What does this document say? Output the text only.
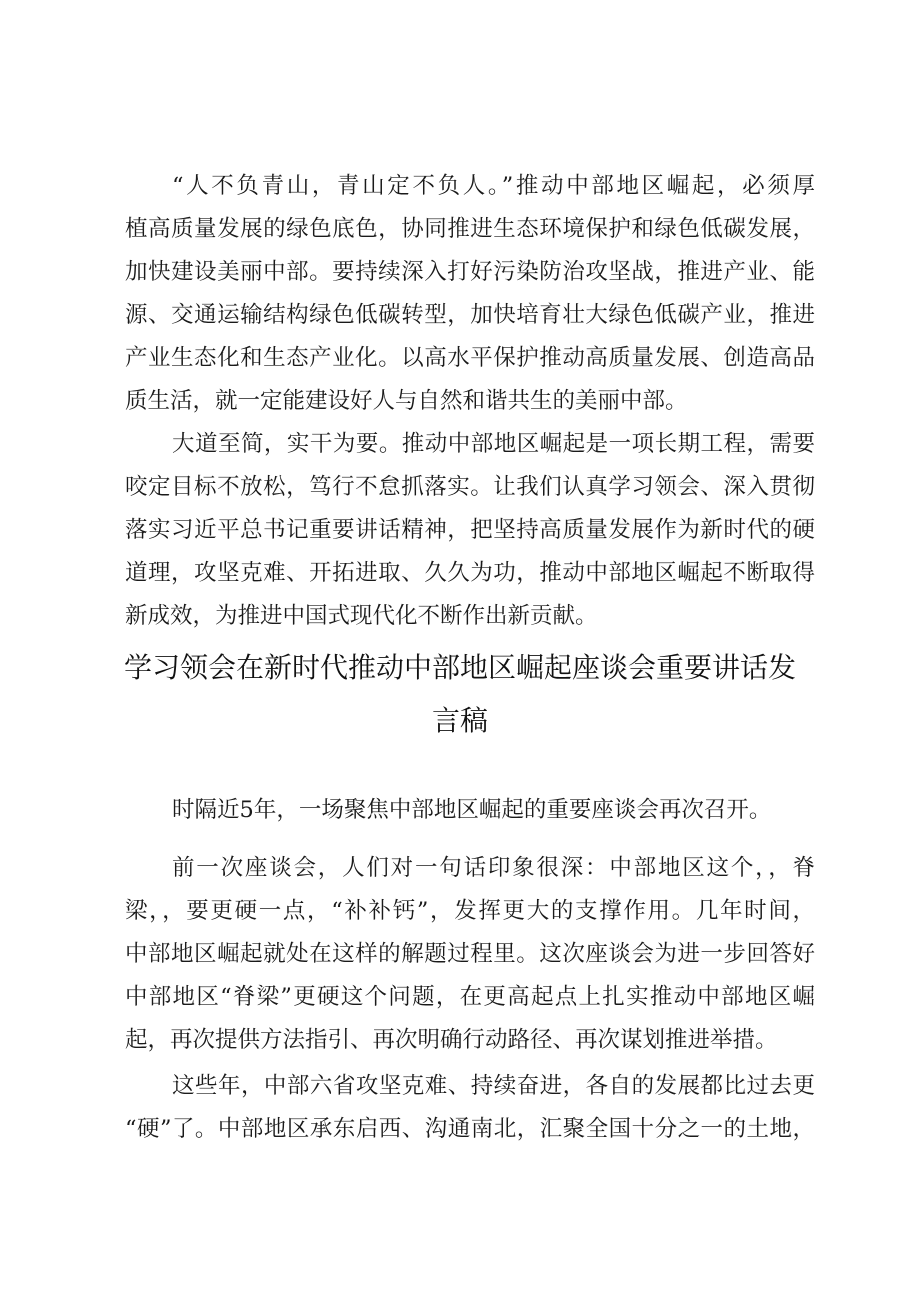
“人不负青山，青山定不负人。”推动中部地区崛起，必须厚
植高质量发展的绿色底色，协同推进生态环境保护和绿色低碳发展，
加快建设美丽中部。要持续深入打好污染防治攻坚战，推进产业、能
源、交通运输结构绿色低碳转型，加快培育壮大绿色低碳产业，推进
产业生态化和生态产业化。以高水平保护推动高质量发展、创造高品
质生活，就一定能建设好人与自然和谐共生的美丽中部。
大道至简，实干为要。推动中部地区崛起是一项长期工程，需要
咬定目标不放松，笃行不怠抓落实。让我们认真学习领会、深入贯彻
落实习近平总书记重要讲话精神，把坚持高质量发展作为新时代的硬
道理，攻坚克难、开拓进取、久久为功，推动中部地区崛起不断取得
新成效，为推进中国式现代化不断作出新贡献。
学习领会在新时代推动中部地区崛起座谈会重要讲话发
言稿
时隔近5年，一场聚焦中部地区崛起的重要座谈会再次召开。
前一次座谈会，人们对一句话印象很深：中部地区这个，，脊
梁，，要更硬一点，“补补钙”，发挥更大的支撑作用。几年时间，
中部地区崛起就处在这样的解题过程里。这次座谈会为进一步回答好
中部地区“脊梁”更硬这个问题，在更高起点上扎实推动中部地区崛
起，再次提供方法指引、再次明确行动路径、再次谋划推进举措。
这些年，中部六省攻坚克难、持续奋进，各自的发展都比过去更
“硬”了。中部地区承东启西、沟通南北，汇聚全国十分之一的土地，
